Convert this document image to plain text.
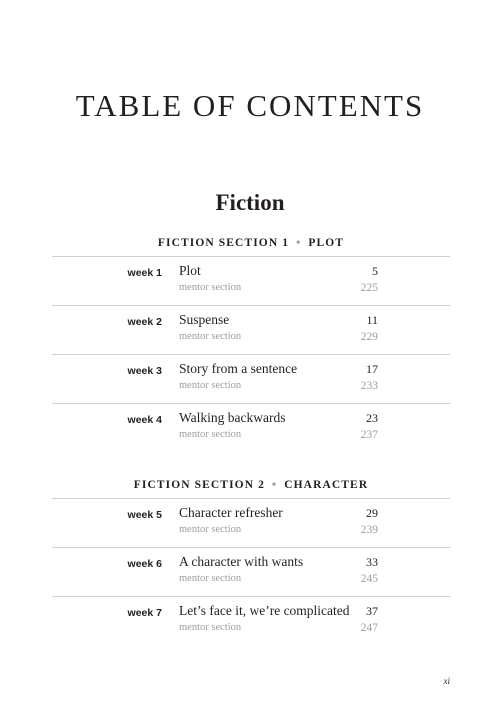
TABLE OF CONTENTS
Fiction
FICTION SECTION 1 • PLOT
week 1 Plot	5
mentor section	225
week 2 Suspense	11
mentor section	229
week 3 Story from a sentence	17
mentor section	233
week 4 Walking backwards	23
mentor section	237
FICTION SECTION 2 • CHARACTER
week 5 Character refresher	29
mentor section	239
week 6 A character with wants	33
mentor section	245
week 7 Let’s face it, we’re complicated 37
mentor section	247
xi
